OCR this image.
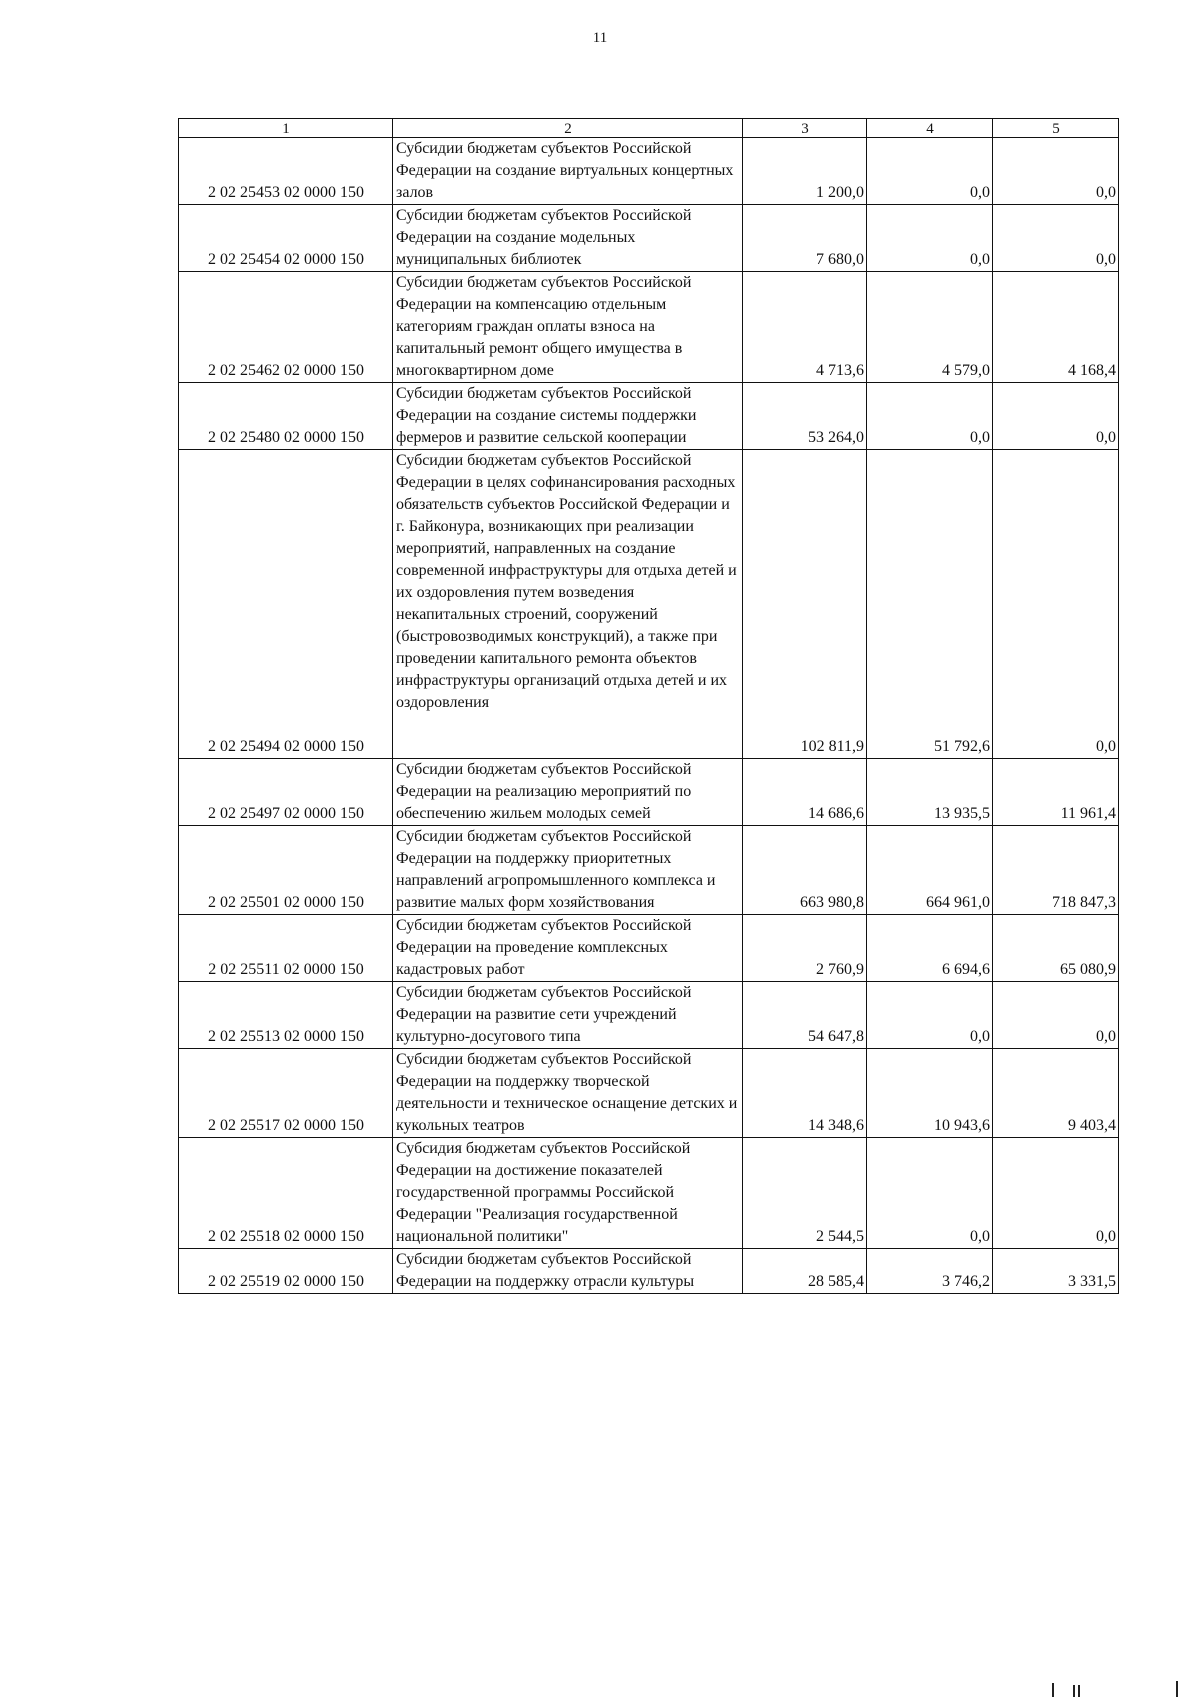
11
1	2	3	4	5
2 02 25453 02 0000 150	Субсидии бюджетам субъектов Российской Федерации на создание виртуальных концертных залов	1 200,0	0,0	0,0
2 02 25454 02 0000 150	Субсидии бюджетам субъектов Российской Федерации на создание модельных муниципальных библиотек	7 680,0	0,0	0,0
2 02 25462 02 0000 150	Субсидии бюджетам субъектов Российской Федерации на компенсацию отдельным категориям граждан оплаты взноса на капитальный ремонт общего имущества в многоквартирном доме	4 713,6	4 579,0	4 168,4
2 02 25480 02 0000 150	Субсидии бюджетам субъектов Российской Федерации на создание системы поддержки фермеров и развитие сельской кооперации	53 264,0	0,0	0,0
2 02 25494 02 0000 150	Субсидии бюджетам субъектов Российской Федерации в целях софинансирования расходных обязательств субъектов Российской Федерации и г. Байконура, возникающих при реализации мероприятий, направленных на создание современной инфраструктуры для отдыха детей и их оздоровления путем возведения некапитальных строений, сооружений (быстровозводимых конструкций), а также при проведении капитального ремонта объектов инфраструктуры организаций отдыха детей и их оздоровления	102 811,9	51 792,6	0,0
2 02 25497 02 0000 150	Субсидии бюджетам субъектов Российской Федерации на реализацию мероприятий по обеспечению жильем молодых семей	14 686,6	13 935,5	11 961,4
2 02 25501 02 0000 150	Субсидии бюджетам субъектов Российской Федерации на поддержку приоритетных направлений агропромышленного комплекса и развитие малых форм хозяйствования	663 980,8	664 961,0	718 847,3
2 02 25511 02 0000 150	Субсидии бюджетам субъектов Российской Федерации на проведение комплексных кадастровых работ	2 760,9	6 694,6	65 080,9
2 02 25513 02 0000 150	Субсидии бюджетам субъектов Российской Федерации на развитие сети учреждений культурно-досугового типа	54 647,8	0,0	0,0
2 02 25517 02 0000 150	Субсидии бюджетам субъектов Российской Федерации на поддержку творческой деятельности и техническое оснащение детских и кукольных театров	14 348,6	10 943,6	9 403,4
2 02 25518 02 0000 150	Субсидия бюджетам субъектов Российской Федерации на достижение показателей государственной программы Российской Федерации "Реализация государственной национальной политики"	2 544,5	0,0	0,0
2 02 25519 02 0000 150	Субсидии бюджетам субъектов Российской Федерации на поддержку отрасли культуры	28 585,4	3 746,2	3 331,5
